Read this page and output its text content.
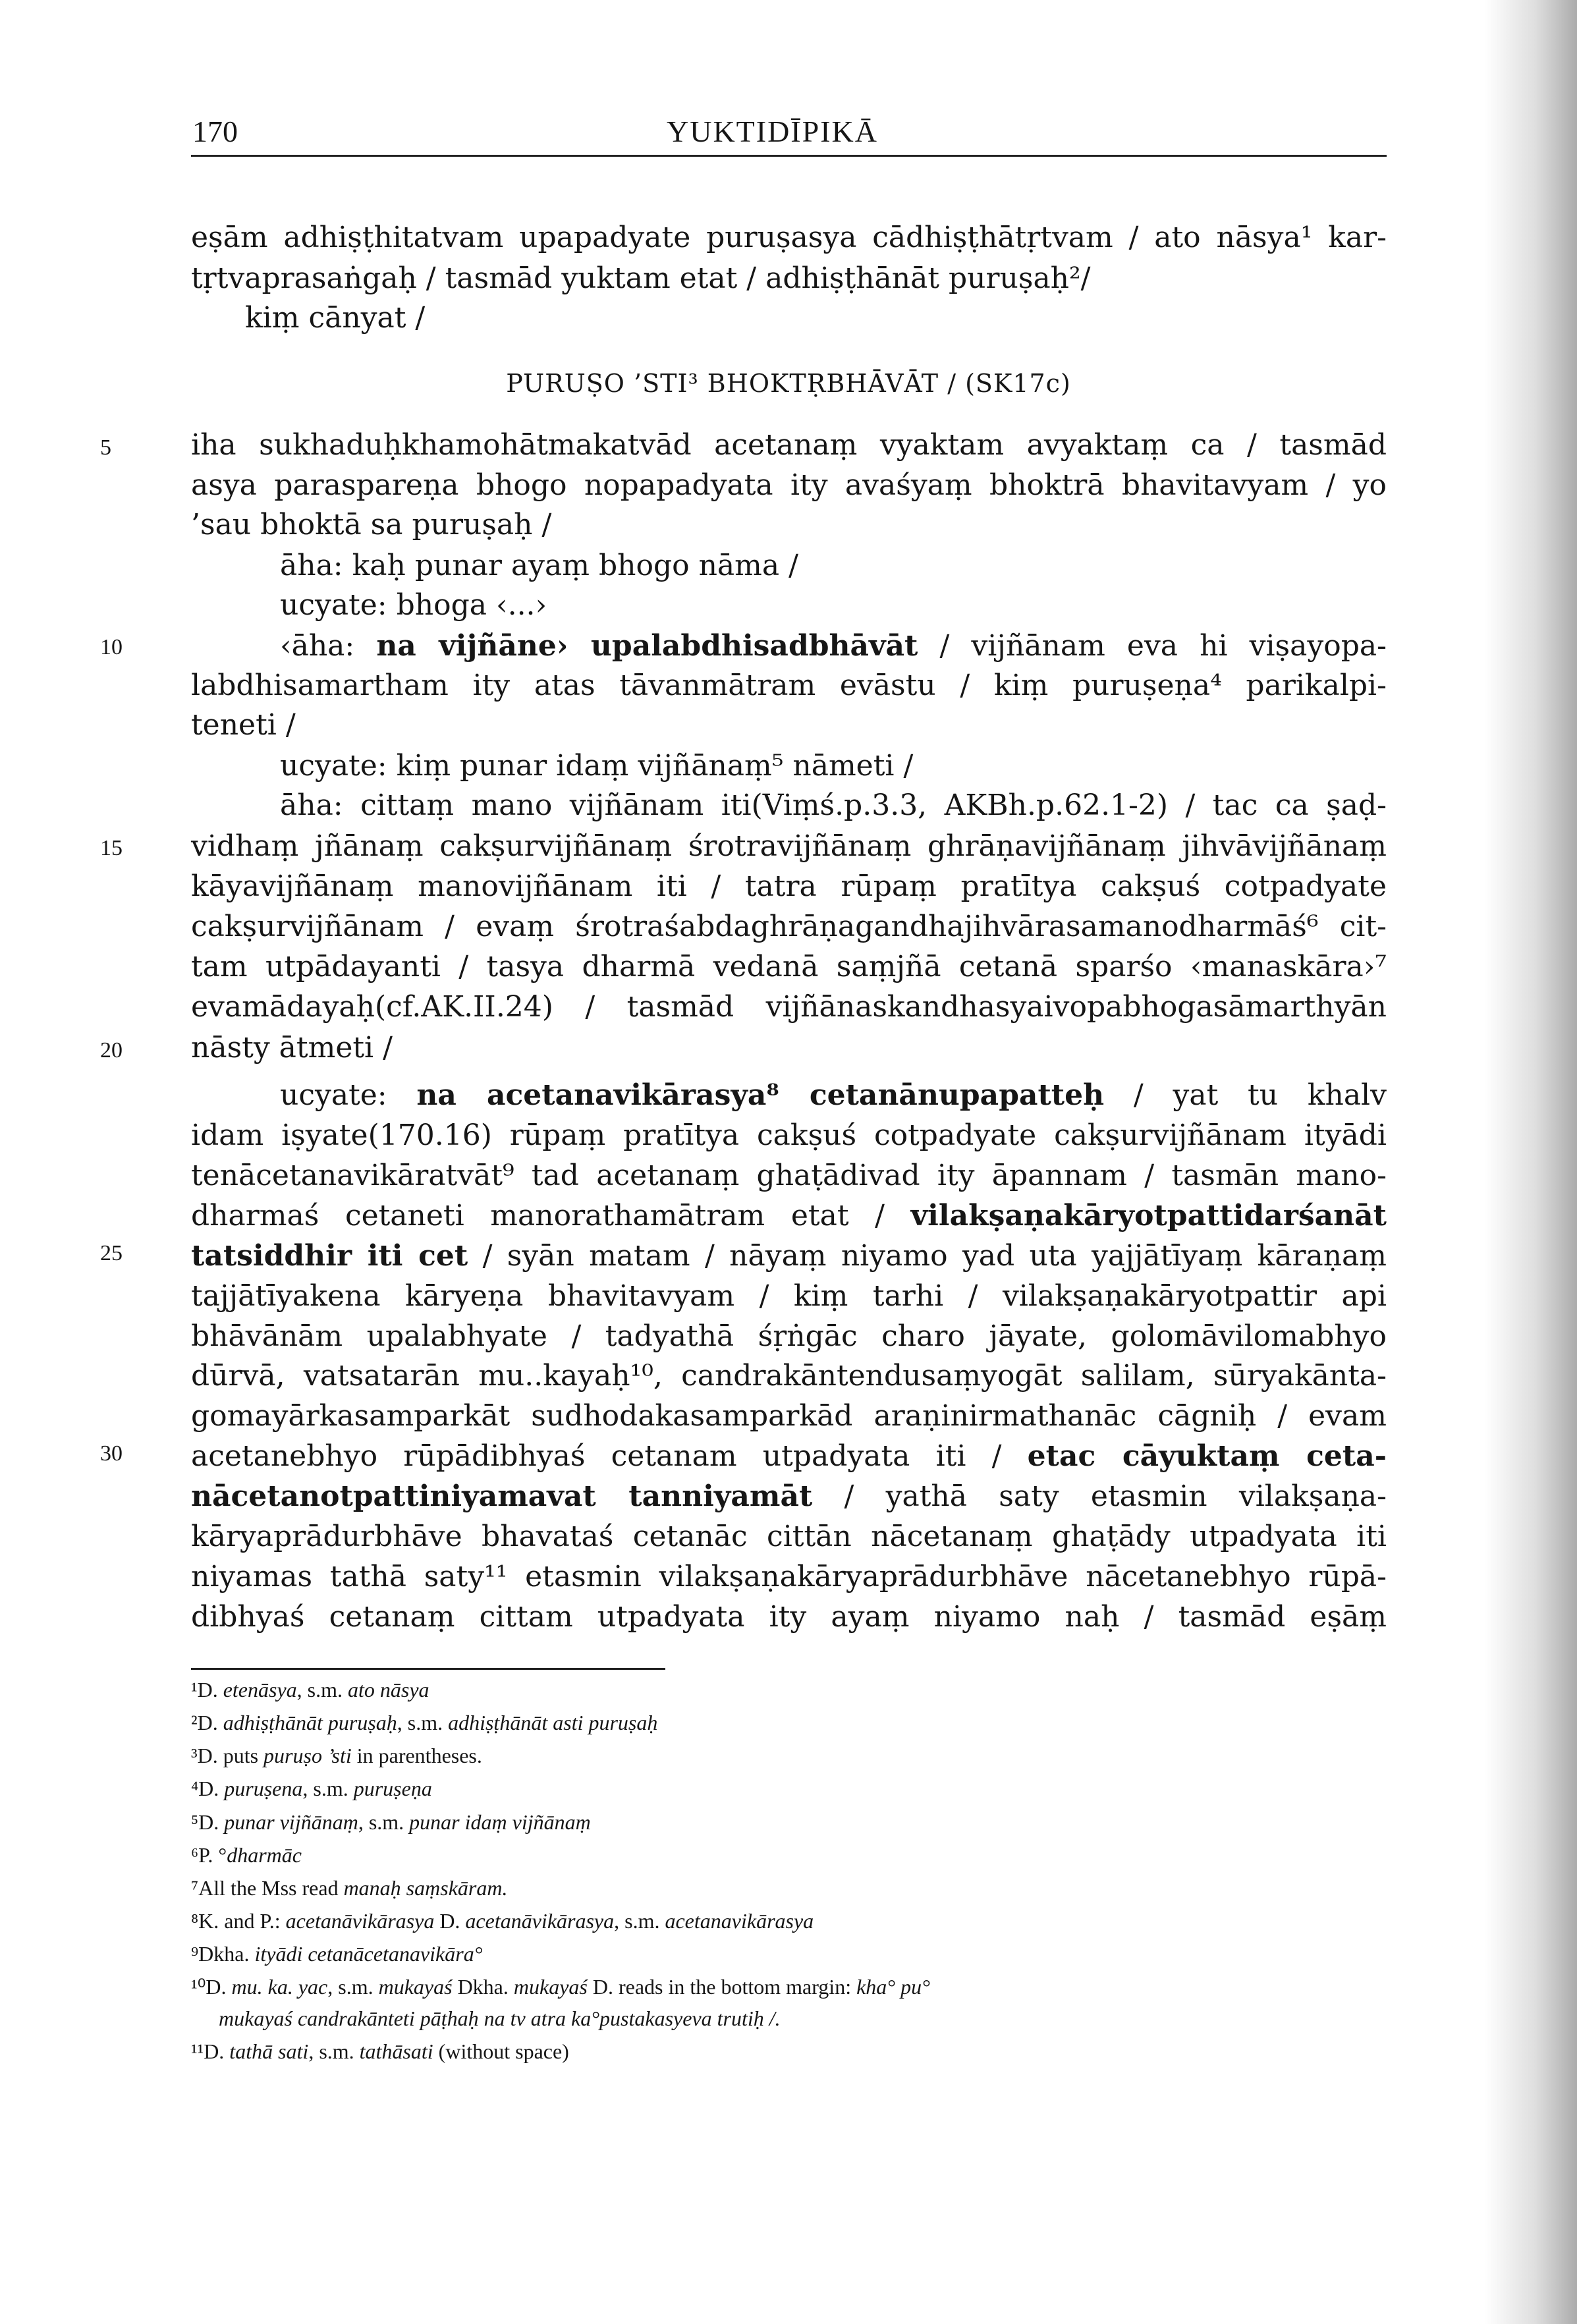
170	YUKTIDĪPIKĀ
5
10
15
20
25
30
eṣām adhiṣṭhitatvam upapadyate puruṣasya cādhiṣṭhātṛtvam / ato nāsya¹ kar-
tṛtvaprasaṅgaḥ / tasmād yuktam etat / adhiṣṭhānāt puruṣaḥ²/
kiṃ cānyat /
PURUṢO ’STI³ BHOKTṚBHĀVĀT / (SK17c)
iha sukhaduḥkhamohātmakatvād acetanaṃ vyaktam avyaktaṃ ca / tasmād
asya paraspareṇa bhogo nopapadyata ity avaśyaṃ bhoktrā bhavitavyam / yo
’sau bhoktā sa puruṣaḥ /
āha: kaḥ punar ayaṃ bhogo nāma /
ucyate: bhoga ‹...›
‹āha: na vijñāne› upalabdhisadbhāvāt / vijñānam eva hi viṣayopa-
labdhisamartham ity atas tāvanmātram evāstu / kiṃ puruṣeṇa⁴ parikalpi-
teneti /
ucyate: kiṃ punar idaṃ vijñānaṃ⁵ nāmeti /
āha: cittaṃ mano vijñānam iti(Viṃś.p.3.3, AKBh.p.62.1-2) / tac ca ṣaḍ-
vidhaṃ jñānaṃ cakṣurvijñānaṃ śrotravijñānaṃ ghrāṇavijñānaṃ jihvāvijñānaṃ
kāyavijñānaṃ manovijñānam iti / tatra rūpaṃ pratītya cakṣuś cotpadyate
cakṣurvijñānam / evaṃ śrotraśabdaghrāṇagandhajihvārasamanodharmāś⁶ cit-
tam utpādayanti / tasya dharmā vedanā saṃjñā cetanā sparśo ‹manaskāra›⁷
evamādayaḥ(cf.AK.II.24) / tasmād vijñānaskandhasyaivopabhogasāmarthyān
nāsty ātmeti /
ucyate: na acetanavikārasya⁸ cetanānupapatteḥ / yat tu khalv
idam iṣyate(170.16) rūpaṃ pratītya cakṣuś cotpadyate cakṣurvijñānam ityādi
tenācetanavikāratvāt⁹ tad acetanaṃ ghaṭādivad ity āpannam / tasmān mano-
dharmaś cetaneti manorathamātram etat / vilakṣaṇakāryotpattidarśanāt
tatsiddhir iti cet / syān matam / nāyaṃ niyamo yad uta yajjātīyaṃ kāraṇaṃ
tajjātīyakena kāryeṇa bhavitavyam / kiṃ tarhi / vilakṣaṇakāryotpattir api
bhāvānām upalabhyate / tadyathā śṛṅgāc charo jāyate, golomāvilomabhyo
dūrvā, vatsatarān mu..kayaḥ¹⁰, candrakāntendusaṃyogāt salilam, sūryakānta-
gomayārkasamparkāt sudhodakasamparkād araṇinirmathanāc cāgniḥ / evam
acetanebhyo rūpādibhyaś cetanam utpadyata iti / etac cāyuktaṃ ceta-
nācetanotpattiniyamavat tanniyamāt / yathā saty etasmin vilakṣaṇa-
kāryaprādurbhāve bhavataś cetanāc cittān nācetanaṃ ghaṭādy utpadyata iti
niyamas tathā saty¹¹ etasmin vilakṣaṇakāryaprādurbhāve nācetanebhyo rūpā-
dibhyaś cetanaṃ cittam utpadyata ity ayaṃ niyamo naḥ / tasmād eṣāṃ
¹D. etenāsya, s.m. ato nāsya
²D. adhiṣṭhānāt puruṣaḥ, s.m. adhiṣṭhānāt asti puruṣaḥ
³D. puts puruṣo ’sti in parentheses.
⁴D. puruṣena, s.m. puruṣeṇa
⁵D. punar vijñānaṃ, s.m. punar idaṃ vijñānaṃ
⁶P. °dharmāc
⁷All the Mss read manaḥ saṃskāram.
⁸K. and P.: acetanāvikārasya D. acetanāvikārasya, s.m. acetanavikārasya
⁹Dkha. ityādi cetanācetanavikāra°
¹⁰D. mu. ka. yac, s.m. mukayaś Dkha. mukayaś D. reads in the bottom margin: kha° pu°
mukayaś candrakānteti pāṭhaḥ na tv atra ka°pustakasyeva trutiḥ /.
¹¹D. tathā sati, s.m. tathāsati (without space)
